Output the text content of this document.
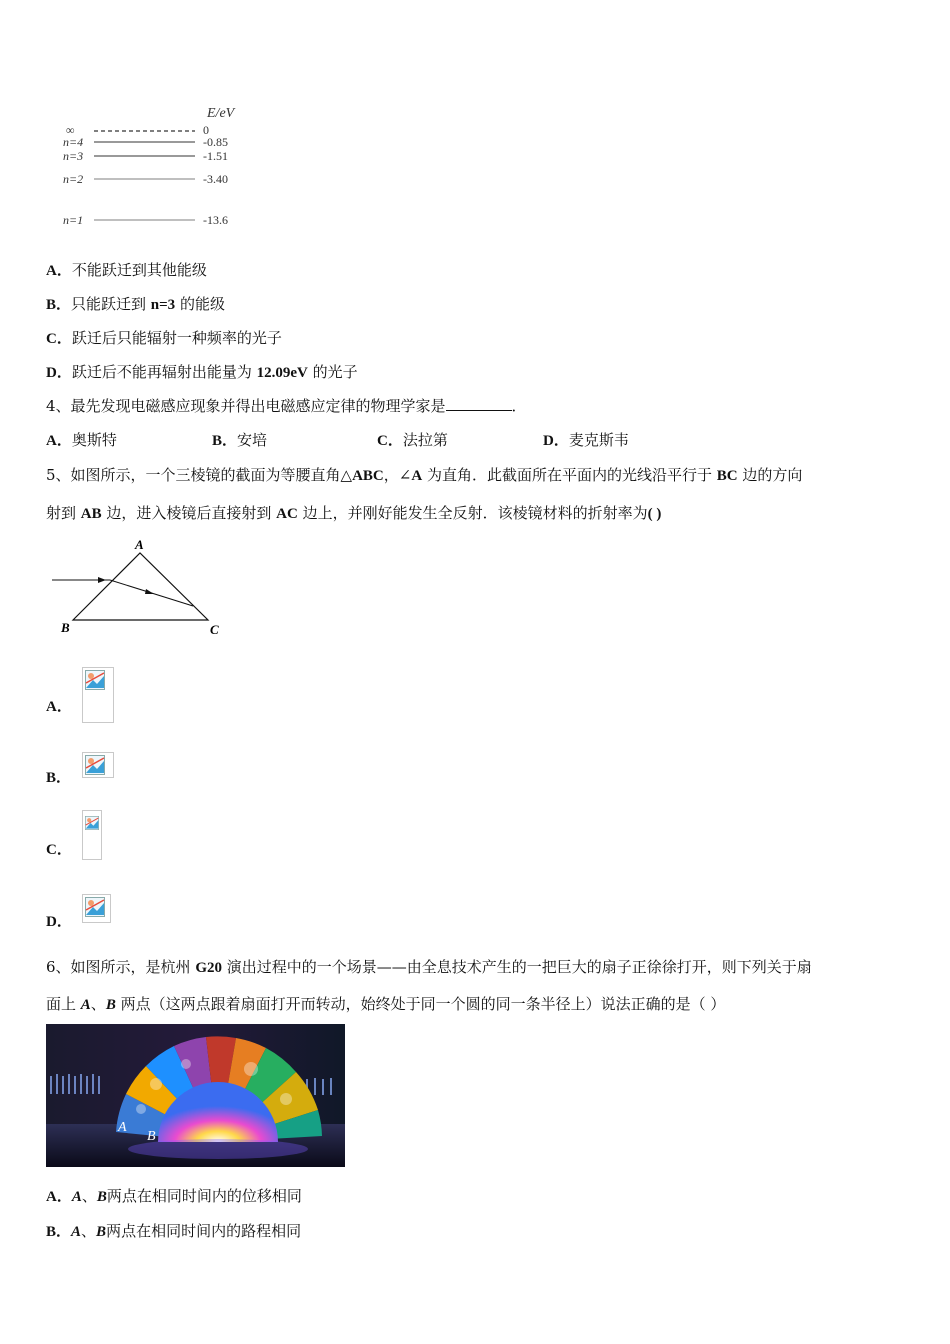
E/eV
∞	0
n=4	-0.85
n=3	-1.51
n=2	-3.40
n=1	-13.6
A．不能跃迁到其他能级
B．只能跃迁到 n=3 的能级
C．跃迁后只能辐射一种频率的光子
D．跃迁后不能再辐射出能量为 12.09eV 的光子
4、最先发现电磁感应现象并得出电磁感应定律的物理学家是	．
A．奥斯特	B．安培	C．法拉第	D．麦克斯韦
5、如图所示，一个三棱镜的截面为等腰直角△ABC，∠A 为直角．此截面所在平面内的光线沿平行于 BC 边的方向
射到 AB 边，进入棱镜后直接射到 AC 边上，并刚好能发生全反射．该棱镜材料的折射率为( )
A
B	C
A．
B．
C．
D．
6、如图所示，是杭州 G20 演出过程中的一个场景——由全息技术产生的一把巨大的扇子正徐徐打开，则下列关于扇
面上 A、B 两点（这两点跟着扇面打开而转动，始终处于同一个圆的同一条半径上）说法正确的是（ ）
A
B
A．A、B两点在相同时间内的位移相同
B．A、B两点在相同时间内的路程相同
